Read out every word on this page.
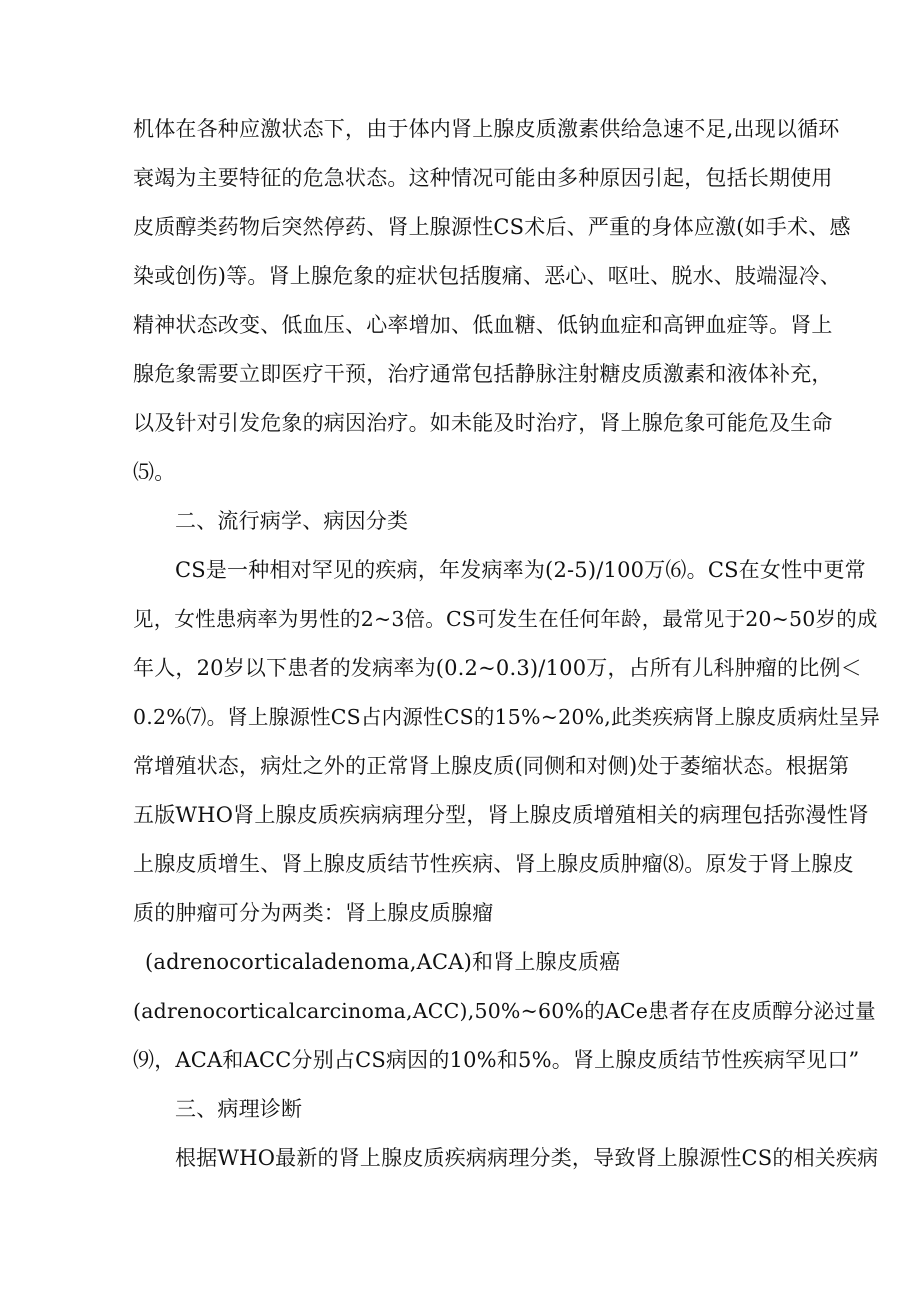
机体在各种应激状态下，由于体内肾上腺皮质激素供给急速不足,出现以循环
衰竭为主要特征的危急状态。这种情况可能由多种原因引起，包括长期使用
皮质醇类药物后突然停药、肾上腺源性CS术后、严重的身体应激(如手术、感
染或创伤)等。肾上腺危象的症状包括腹痛、恶心、呕吐、脱水、肢端湿冷、
精神状态改变、低血压、心率增加、低血糖、低钠血症和高钾血症等。肾上
腺危象需要立即医疗干预，治疗通常包括静脉注射糖皮质激素和液体补充，
以及针对引发危象的病因治疗。如未能及时治疗，肾上腺危象可能危及生命
⑸。
二、流行病学、病因分类
CS是一种相对罕见的疾病，年发病率为(2-5)/100万⑹。CS在女性中更常
见，女性患病率为男性的2~3倍。CS可发生在任何年龄，最常见于20~50岁的成
年人，20岁以下患者的发病率为(0.2~0.3)/100万，占所有儿科肿瘤的比例＜
0.2%⑺。肾上腺源性CS占内源性CS的15%~20%,此类疾病肾上腺皮质病灶呈异
常增殖状态，病灶之外的正常肾上腺皮质(同侧和对侧)处于萎缩状态。根据第
五版WHO肾上腺皮质疾病病理分型，肾上腺皮质增殖相关的病理包括弥漫性肾
上腺皮质增生、肾上腺皮质结节性疾病、肾上腺皮质肿瘤⑻。原发于肾上腺皮
质的肿瘤可分为两类：肾上腺皮质腺瘤
(adrenocorticaladenoma,ACA)和肾上腺皮质癌
(adrenocorticalcarcinoma,ACC),50%~60%的ACe患者存在皮质醇分泌过量
⑼，ACA和ACC分别占CS病因的10%和5%。肾上腺皮质结节性疾病罕见口”
三、病理诊断
根据WHO最新的肾上腺皮质疾病病理分类，导致肾上腺源性CS的相关疾病
